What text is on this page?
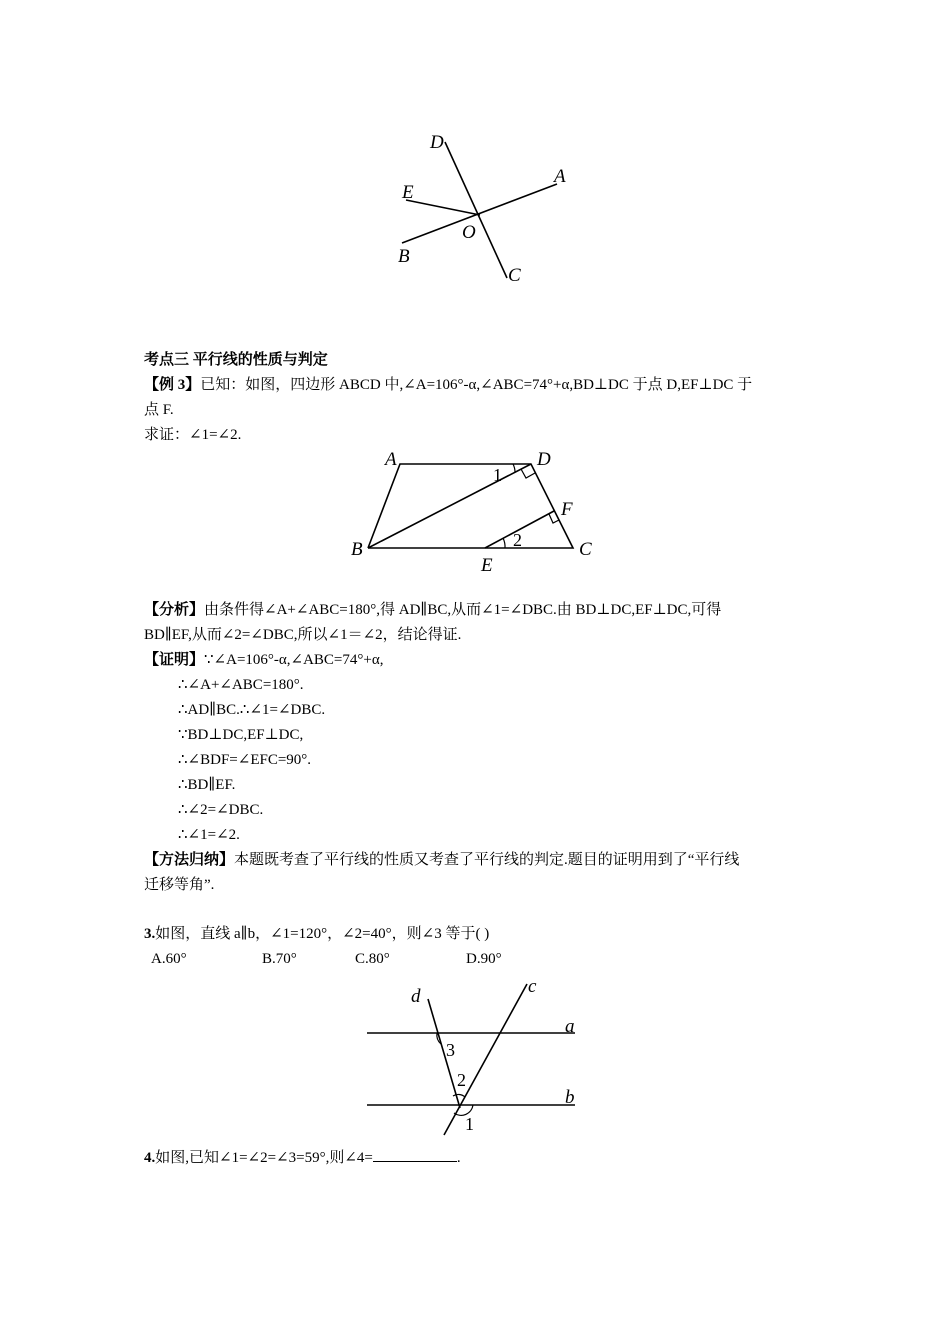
D
E
A
O
B
C
考点三 平行线的性质与判定
【例 3】已知：如图，四边形 ABCD 中,∠A=106°-α,∠ABC=74°+α,BD⊥DC 于点 D,EF⊥DC 于
点 F.
求证：∠1=∠2.
A	D
B	C
E
F
1
2
【分析】由条件得∠A+∠ABC=180°,得 AD∥BC,从而∠1=∠DBC.由 BD⊥DC,EF⊥DC,可得
BD∥EF,从而∠2=∠DBC,所以∠1＝∠2，结论得证.
【证明】∵∠A=106°-α,∠ABC=74°+α,
∴∠A+∠ABC=180°.
∴AD∥BC.∴∠1=∠DBC.
∵BD⊥DC,EF⊥DC,
∴∠BDF=∠EFC=90°.
∴BD∥EF.
∴∠2=∠DBC.
∴∠1=∠2.
【方法归纳】本题既考查了平行线的性质又考查了平行线的判定.题目的证明用到了“平行线
迁移等角”.
3.如图，直线 a∥b，∠1=120°，∠2=40°，则∠3 等于( )
A.60°	B.70°	C.80°	D.90°
d	c
a
b
3
2
1
4.如图,已知∠1=∠2=∠3=59°,则∠4=	.
